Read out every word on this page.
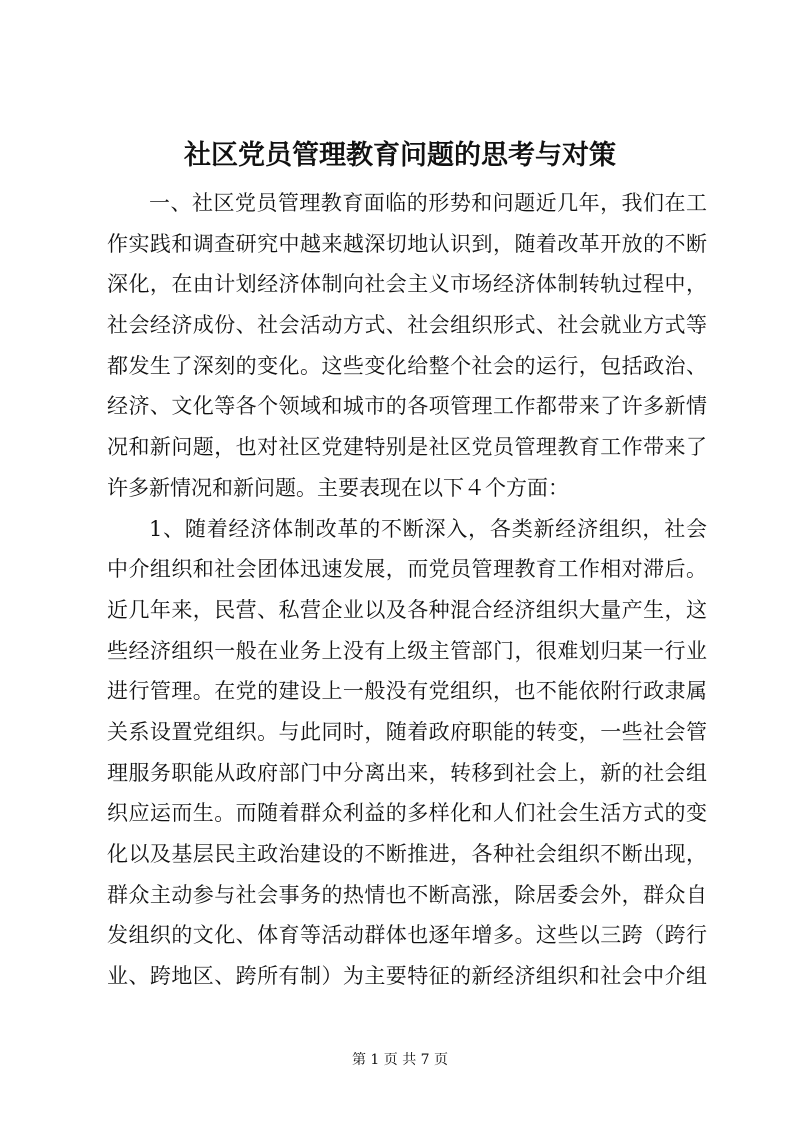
社区党员管理教育问题的思考与对策
一、社区党员管理教育面临的形势和问题近几年，我们在工
作实践和调查研究中越来越深切地认识到，随着改革开放的不断
深化，在由计划经济体制向社会主义市场经济体制转轨过程中，
社会经济成份、社会活动方式、社会组织形式、社会就业方式等
都发生了深刻的变化。这些变化给整个社会的运行，包括政治、
经济、文化等各个领域和城市的各项管理工作都带来了许多新情
况和新问题，也对社区党建特别是社区党员管理教育工作带来了
许多新情况和新问题。主要表现在以下４个方面：
1、随着经济体制改革的不断深入，各类新经济组织，社会
中介组织和社会团体迅速发展，而党员管理教育工作相对滞后。
近几年来，民营、私营企业以及各种混合经济组织大量产生，这
些经济组织一般在业务上没有上级主管部门，很难划归某一行业
进行管理。在党的建设上一般没有党组织，也不能依附行政隶属
关系设置党组织。与此同时，随着政府职能的转变，一些社会管
理服务职能从政府部门中分离出来，转移到社会上，新的社会组
织应运而生。而随着群众利益的多样化和人们社会生活方式的变
化以及基层民主政治建设的不断推进，各种社会组织不断出现，
群众主动参与社会事务的热情也不断高涨，除居委会外，群众自
发组织的文化、体育等活动群体也逐年增多。这些以三跨（跨行
业、跨地区、跨所有制）为主要特征的新经济组织和社会中介组
第 1 页 共 7 页
